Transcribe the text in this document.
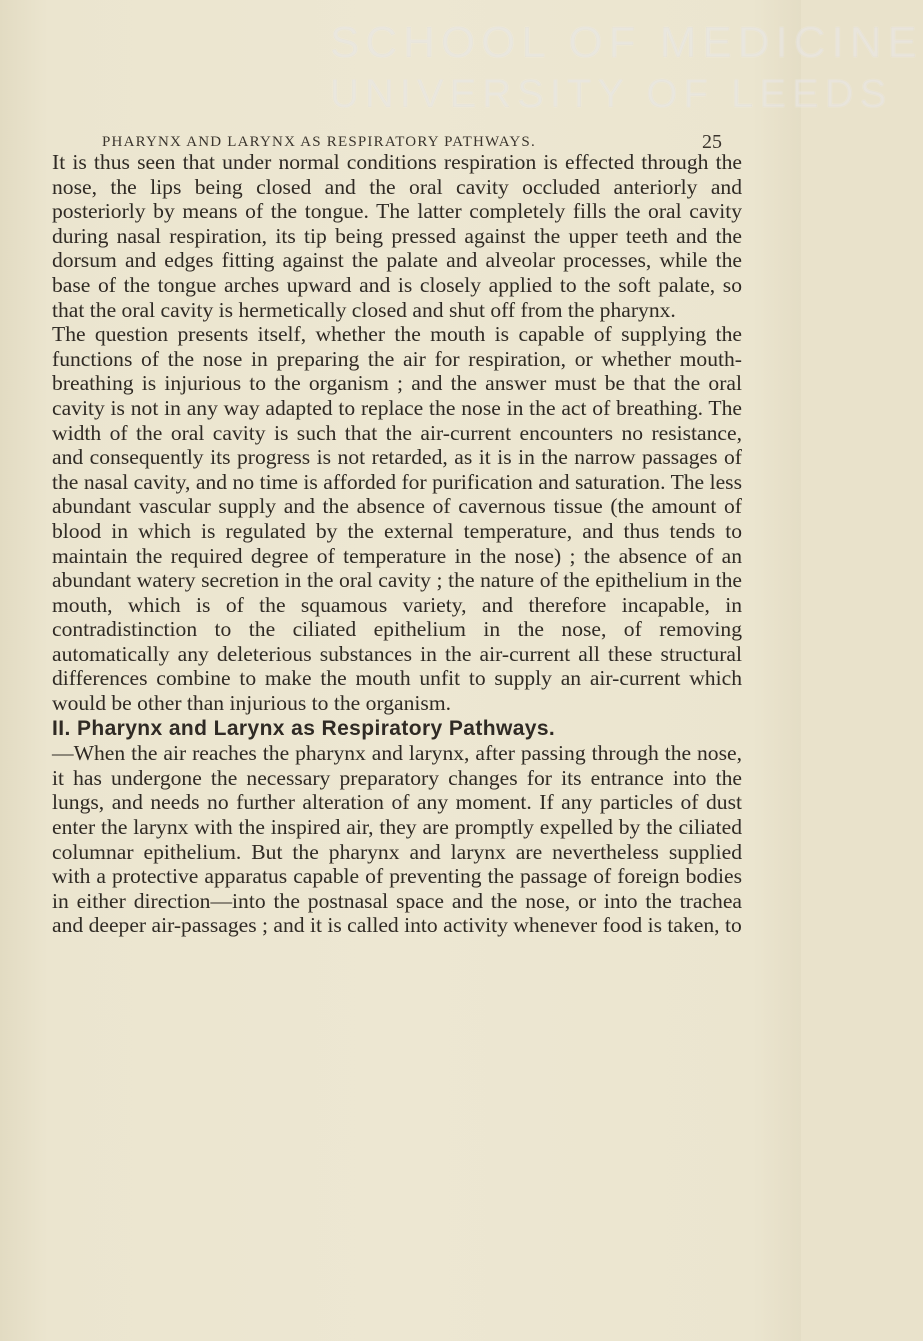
SCHOOL OF MEDICINE
UNIVERSITY OF LEEDS
PHARYNX AND LARYNX AS RESPIRATORY PATHWAYS.	25

It is thus seen that under normal conditions respiration is effected through the nose, the lips being closed and the oral cavity occluded anteriorly and posteriorly by means of the tongue. The latter completely fills the oral cavity during nasal respiration, its tip being pressed against the upper teeth and the dorsum and edges fitting against the palate and alveolar processes, while the base of the tongue arches upward and is closely applied to the soft palate, so that the oral cavity is hermetically closed and shut off from the pharynx.

The question presents itself, whether the mouth is capable of supplying the functions of the nose in preparing the air for respiration, or whether mouth-breathing is injurious to the organism ; and the answer must be that the oral cavity is not in any way adapted to replace the nose in the act of breathing. The width of the oral cavity is such that the air-current encounters no resistance, and consequently its progress is not retarded, as it is in the narrow passages of the nasal cavity, and no time is afforded for purification and saturation. The less abundant vascular supply and the absence of cavernous tissue (the amount of blood in which is regulated by the external temperature, and thus tends to maintain the required degree of temperature in the nose) ; the absence of an abundant watery secretion in the oral cavity ; the nature of the epithelium in the mouth, which is of the squamous variety, and therefore incapable, in contradistinction to the ciliated epithelium in the nose, of removing automatically any deleterious substances in the air-current all these structural differences combine to make the mouth unfit to supply an air-current which would be other than injurious to the organism.

II. Pharynx and Larynx as Respiratory Pathways.
—When the air reaches the pharynx and larynx, after passing through the nose, it has undergone the necessary preparatory changes for its entrance into the lungs, and needs no further alteration of any moment. If any particles of dust enter the larynx with the inspired air, they are promptly expelled by the ciliated columnar epithelium. But the pharynx and larynx are nevertheless supplied with a protective apparatus capable of preventing the passage of foreign bodies in either direction—into the postnasal space and the nose, or into the trachea and deeper air-passages ; and it is called into activity whenever food is taken, to
